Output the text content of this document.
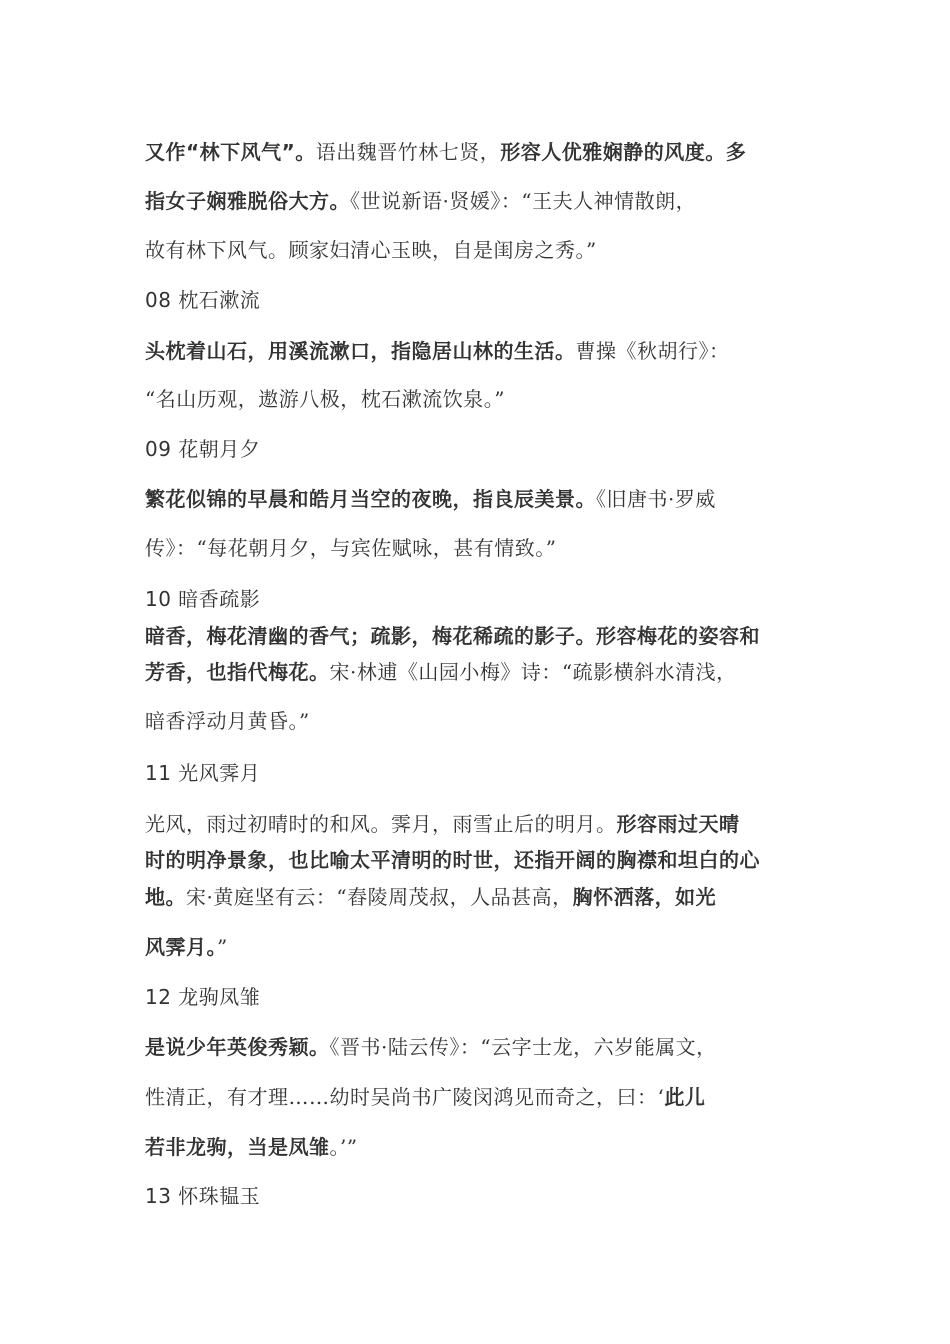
又作“林下风气”。语出魏晋竹林七贤，形容人优雅娴静的风度。多
指女子娴雅脱俗大方。《世说新语·贤媛》：“王夫人神情散朗，
故有林下风气。顾家妇清心玉映，自是闺房之秀。”
08 枕石漱流
头枕着山石，用溪流漱口，指隐居山林的生活。曹操《秋胡行》：
“名山历观，遨游八极，枕石漱流饮泉。”
09 花朝月夕
繁花似锦的早晨和皓月当空的夜晚，指良辰美景。《旧唐书·罗威
传》：“每花朝月夕，与宾佐赋咏，甚有情致。”
10 暗香疏影
暗香，梅花清幽的香气；疏影，梅花稀疏的影子。形容梅花的姿容和
芳香，也指代梅花。宋·林逋《山园小梅》诗：“疏影横斜水清浅，
暗香浮动月黄昏。”
11 光风霁月
光风，雨过初晴时的和风。霁月，雨雪止后的明月。形容雨过天晴
时的明净景象，也比喻太平清明的时世，还指开阔的胸襟和坦白的心
地。宋·黄庭坚有云：“舂陵周茂叔，人品甚高，胸怀洒落，如光
风霁月。”
12 龙驹凤雏
是说少年英俊秀颖。《晋书·陆云传》：“云字士龙，六岁能属文，
性清正，有才理……幼时吴尚书广陵闵鸿见而奇之，曰：‘此儿
若非龙驹，当是凤雏。’”
13 怀珠韫玉
